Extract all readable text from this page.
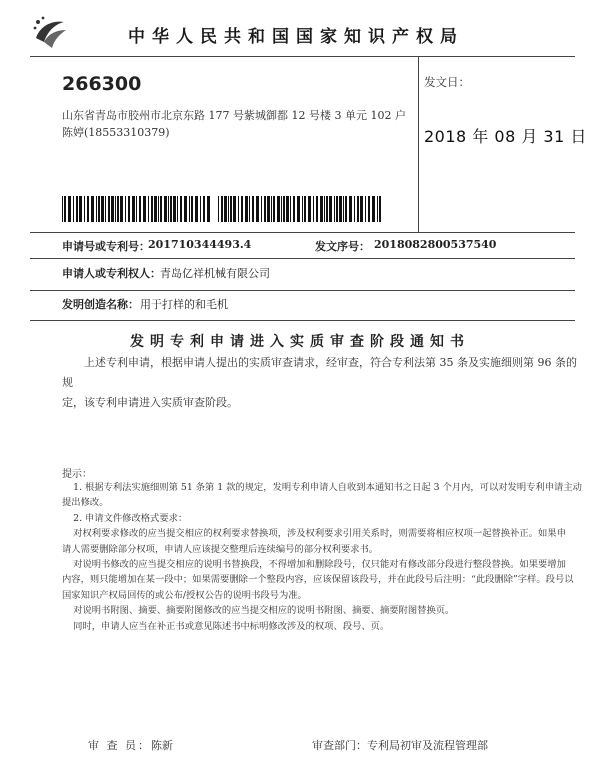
中华人民共和国国家知识产权局
266300
山东省青岛市胶州市北京东路 177 号紫城御都 12 号楼 3 单元 102 户
陈婷(18553310379)
发文日：
2018 年 08 月 31 日
申请号或专利号：
201710344493.4	发文序号： 2018082800537540
申请人或专利权人： 青岛亿祥机械有限公司
发明创造名称： 用于打样的和毛机
发明专利申请进入实质审查阶段通知书

上述专利申请，根据申请人提出的实质审查请求，经审查，符合专利法第 35 条及实施细则第 96 条的规

定，该专利申请进入实质审查阶段。

提示：

1. 根据专利法实施细则第 51 条第 1 款的规定，发明专利申请人自收到本通知书之日起 3 个月内，可以对发明专利申请主动

提出修改。

2. 申请文件修改格式要求：

对权利要求修改的应当提交相应的权利要求替换项，涉及权利要求引用关系时，则需要将相应权项一起替换补正。如果申

请人需要删除部分权项，申请人应该提交整理后连续编号的部分权利要求书。

对说明书修改的应当提交相应的说明书替换段，不得增加和删除段号，仅只能对有修改部分段进行整段替换。如果要增加

内容，则只能增加在某一段中；如果需要删除一个整段内容，应该保留该段号，并在此段号后注明：“此段删除”字样。段号以

国家知识产权局回传的或公布/授权公告的说明书段号为准。

对说明书附图、摘要、摘要附图修改的应当提交相应的说明书附图、摘要、摘要附图替换页。

同时，申请人应当在补正书或意见陈述书中标明修改涉及的权项、段号、页。

审 查 员：陈新	审查部门：专利局初审及流程管理部
